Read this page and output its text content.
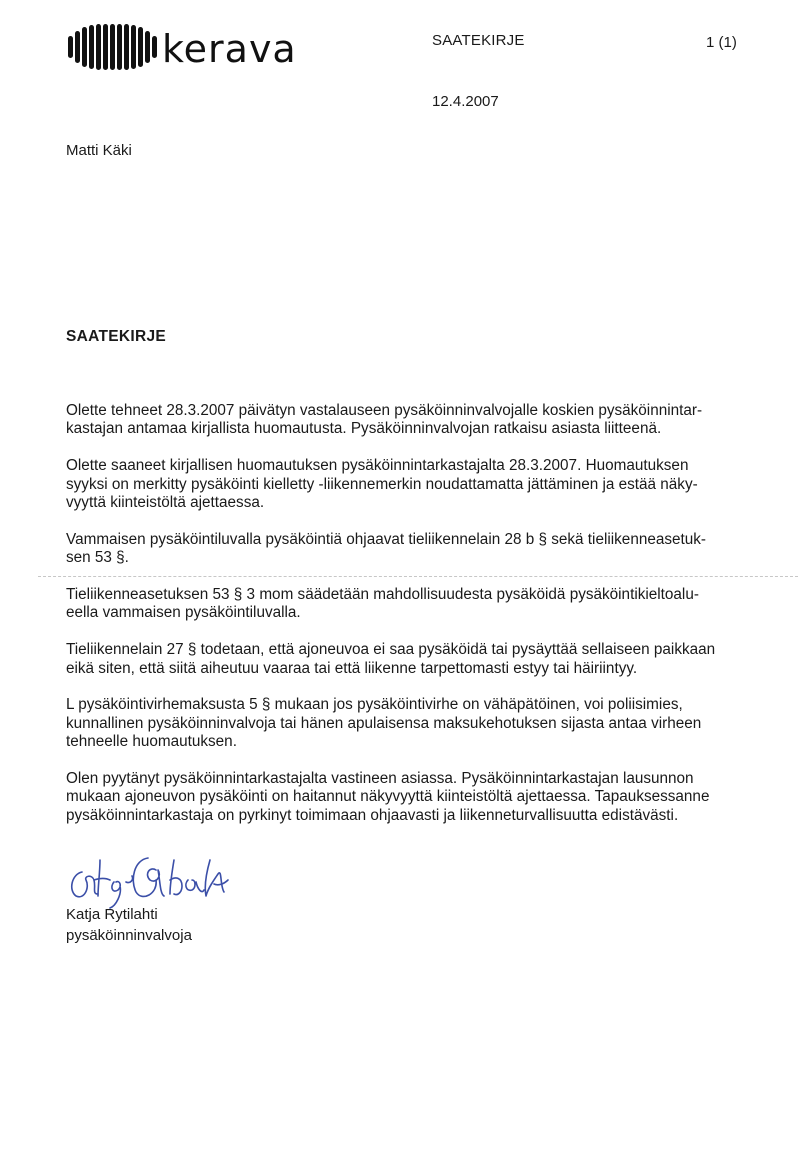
kerava	SAATEKIRJE	1 (1)
12.4.2007
Matti Käki
SAATEKIRJE

Olette tehneet 28.3.2007 päivätyn vastalauseen pysäköinninvalvojalle koskien pysäköinnintar-
kastajan antamaa kirjallista huomautusta. Pysäköinninvalvojan ratkaisu asiasta liitteenä.

Olette saaneet kirjallisen huomautuksen pysäköinnintarkastajalta 28.3.2007. Huomautuksen
syyksi on merkitty pysäköinti kielletty -liikennemerkin noudattamatta jättäminen ja estää näky-
vyyttä kiinteistöltä ajettaessa.

Vammaisen pysäköintiluvalla pysäköintiä ohjaavat tieliikennelain 28 b § sekä tieliikenneasetuk-
sen 53 §.

Tieliikenneasetuksen 53 § 3 mom säädetään mahdollisuudesta pysäköidä pysäköintikieltoalu-
eella vammaisen pysäköintiluvalla.

Tieliikennelain 27 § todetaan, että ajoneuvoa ei saa pysäköidä tai pysäyttää sellaiseen paikkaan
eikä siten, että siitä aiheutuu vaaraa tai että liikenne tarpettomasti estyy tai häiriintyy.

L pysäköintivirhemaksusta 5 § mukaan jos pysäköintivirhe on vähäpätöinen, voi poliisimies,
kunnallinen pysäköinninvalvoja tai hänen apulaisensa maksukehotuksen sijasta antaa virheen
tehneelle huomautuksen.

Olen pyytänyt pysäköinnintarkastajalta vastineen asiassa. Pysäköinnintarkastajan lausunnon
mukaan ajoneuvon pysäköinti on haitannut näkyvyyttä kiinteistöltä ajettaessa. Tapauksessanne
pysäköinnintarkastaja on pyrkinyt toimimaan ohjaavasti ja liikenneturvallisuutta edistävästi.

Katja Rytilahti
pysäköinninvalvoja
